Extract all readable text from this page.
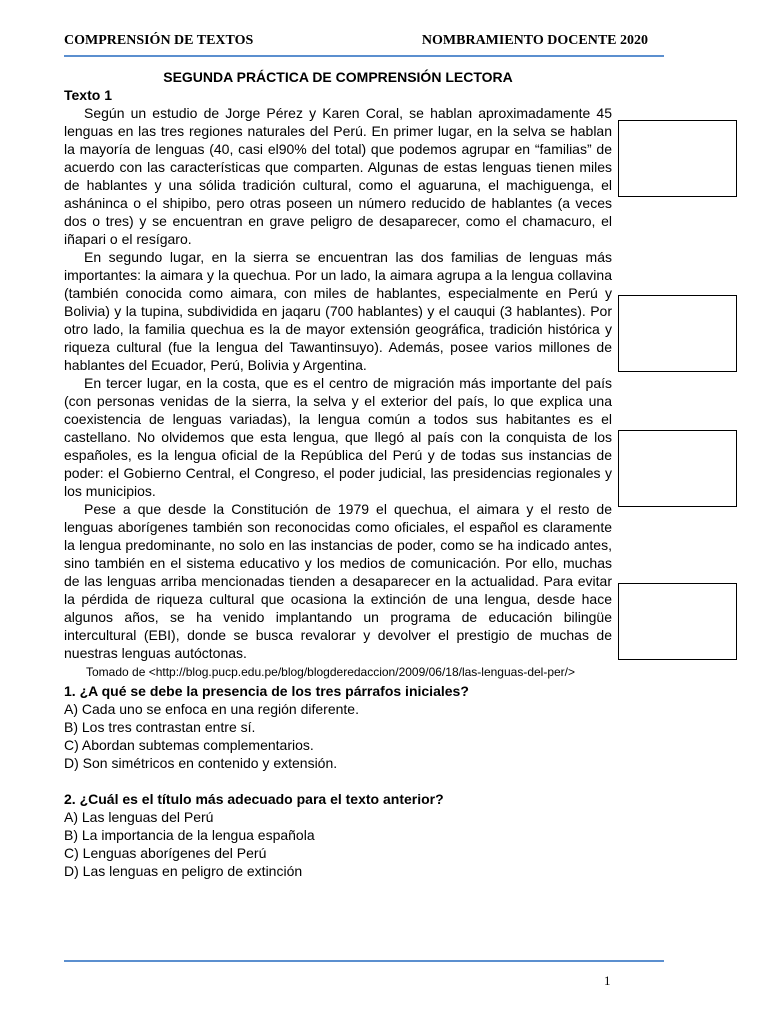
COMPRENSIÓN DE TEXTOS	NOMBRAMIENTO DOCENTE 2020

SEGUNDA PRÁCTICA DE COMPRENSIÓN LECTORA

Texto 1

Según un estudio de Jorge Pérez y Karen Coral, se hablan aproximadamente 45 lenguas en las tres regiones naturales del Perú. En primer lugar, en la selva se hablan la mayoría de lenguas (40, casi el90% del total) que podemos agrupar en “familias” de acuerdo con las características que comparten. Algunas de estas lenguas tienen miles de hablantes y una sólida tradición cultural, como el aguaruna, el machiguenga, el asháninca o el shipibo, pero otras poseen un número reducido de hablantes (a veces dos o tres) y se encuentran en grave peligro de desaparecer, como el chamacuro, el iñapari o el resígaro.

En segundo lugar, en la sierra se encuentran las dos familias de lenguas más importantes: la aimara y la quechua. Por un lado, la aimara agrupa a la lengua collavina (también conocida como aimara, con miles de hablantes, especialmente en Perú y Bolivia) y la tupina, subdividida en jaqaru (700 hablantes) y el cauqui (3 hablantes). Por otro lado, la familia quechua es la de mayor extensión geográfica, tradición histórica y riqueza cultural (fue la lengua del Tawantinsuyo). Además, posee varios millones de hablantes del Ecuador, Perú, Bolivia y Argentina.

En tercer lugar, en la costa, que es el centro de migración más importante del país (con personas venidas de la sierra, la selva y el exterior del país, lo que explica una coexistencia de lenguas variadas), la lengua común a todos sus habitantes es el castellano. No olvidemos que esta lengua, que llegó al país con la conquista de los españoles, es la lengua oficial de la República del Perú y de todas sus instancias de poder: el Gobierno Central, el Congreso, el poder judicial, las presidencias regionales y los municipios.

Pese a que desde la Constitución de 1979 el quechua, el aimara y el resto de lenguas aborígenes también son reconocidas como oficiales, el español es claramente la lengua predominante, no solo en las instancias de poder, como se ha indicado antes, sino también en el sistema educativo y los medios de comunicación. Por ello, muchas de las lenguas arriba mencionadas tienden a desaparecer en la actualidad. Para evitar la pérdida de riqueza cultural que ocasiona la extinción de una lengua, desde hace algunos años, se ha venido implantando un programa de educación bilingüe intercultural (EBI), donde se busca revalorar y devolver el prestigio de muchas de nuestras lenguas autóctonas.

Tomado de <http://blog.pucp.edu.pe/blog/blogderedaccion/2009/06/18/las-lenguas-del-per/>

1. ¿A qué se debe la presencia de los tres párrafos iniciales?

A) Cada uno se enfoca en una región diferente.

B) Los tres contrastan entre sí.

C) Abordan subtemas complementarios.

D) Son simétricos en contenido y extensión.

2. ¿Cuál es el título más adecuado para el texto anterior?

A) Las lenguas del Perú

B) La importancia de la lengua española

C) Lenguas aborígenes del Perú

D) Las lenguas en peligro de extinción

1
